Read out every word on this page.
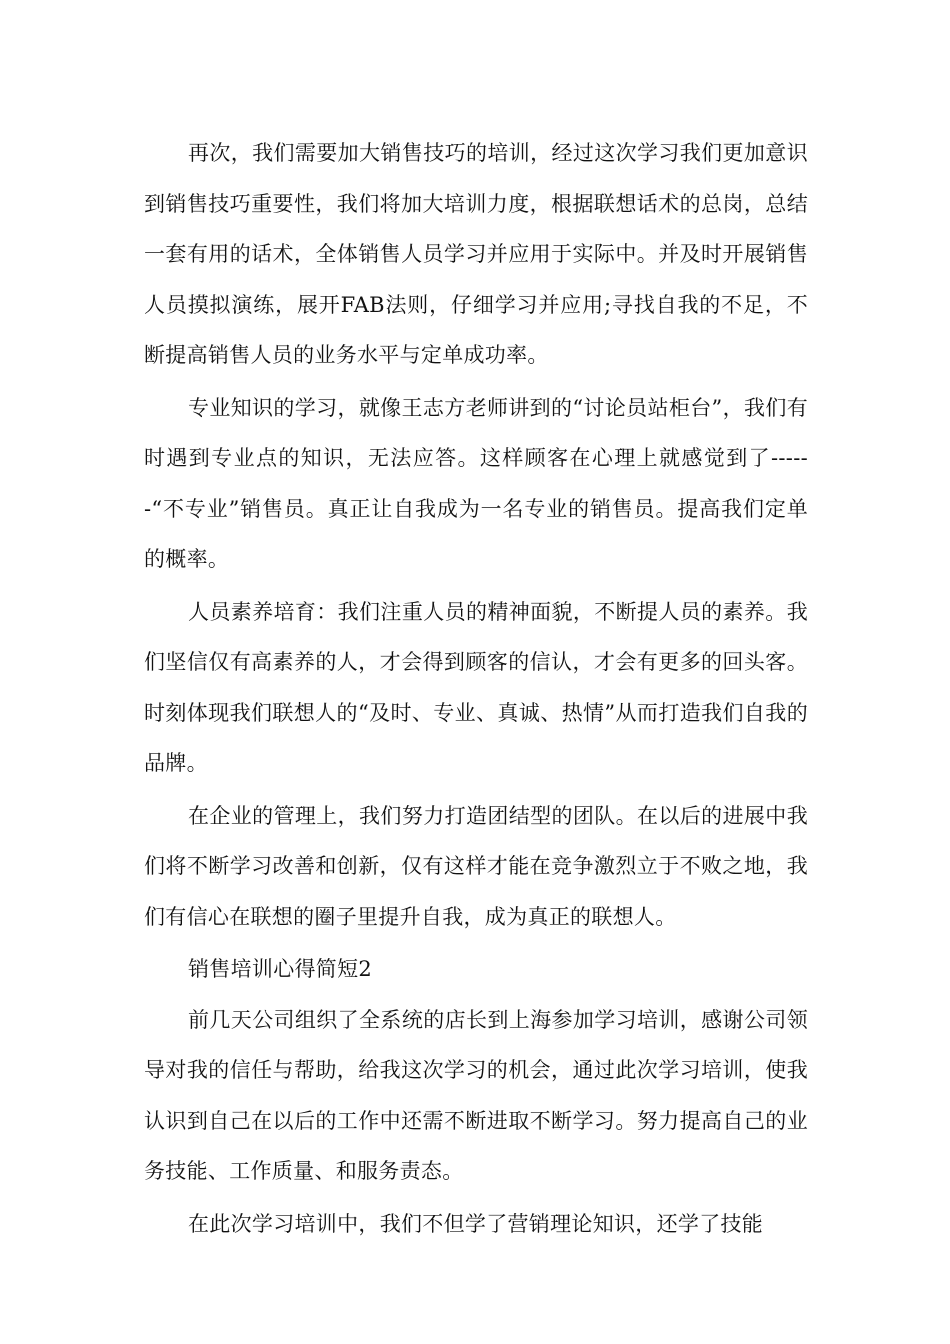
再次，我们需要加大销售技巧的培训，经过这次学习我们更加意识到销售技巧重要性，我们将加大培训力度，根据联想话术的总岗，总结一套有用的话术，全体销售人员学习并应用于实际中。并及时开展销售人员摸拟演练，展开FAB法则，仔细学习并应用;寻找自我的不足，不断提高销售人员的业务水平与定单成功率。

专业知识的学习，就像王志方老师讲到的“讨论员站柜台”，我们有时遇到专业点的知识，无法应答。这样顾客在心理上就感觉到了------“不专业”销售员。真正让自我成为一名专业的销售员。提高我们定单的概率。

人员素养培育：我们注重人员的精神面貌，不断提人员的素养。我们坚信仅有高素养的人，才会得到顾客的信认，才会有更多的回头客。时刻体现我们联想人的“及时、专业、真诚、热情”从而打造我们自我的品牌。

在企业的管理上，我们努力打造团结型的团队。在以后的进展中我们将不断学习改善和创新，仅有这样才能在竞争激烈立于不败之地，我们有信心在联想的圈子里提升自我，成为真正的联想人。

销售培训心得简短2

前几天公司组织了全系统的店长到上海参加学习培训，感谢公司领导对我的信任与帮助，给我这次学习的机会，通过此次学习培训，使我认识到自己在以后的工作中还需不断进取不断学习。努力提高自己的业务技能、工作质量、和服务责态。

在此次学习培训中，我们不但学了营销理论知识，还学了技能
